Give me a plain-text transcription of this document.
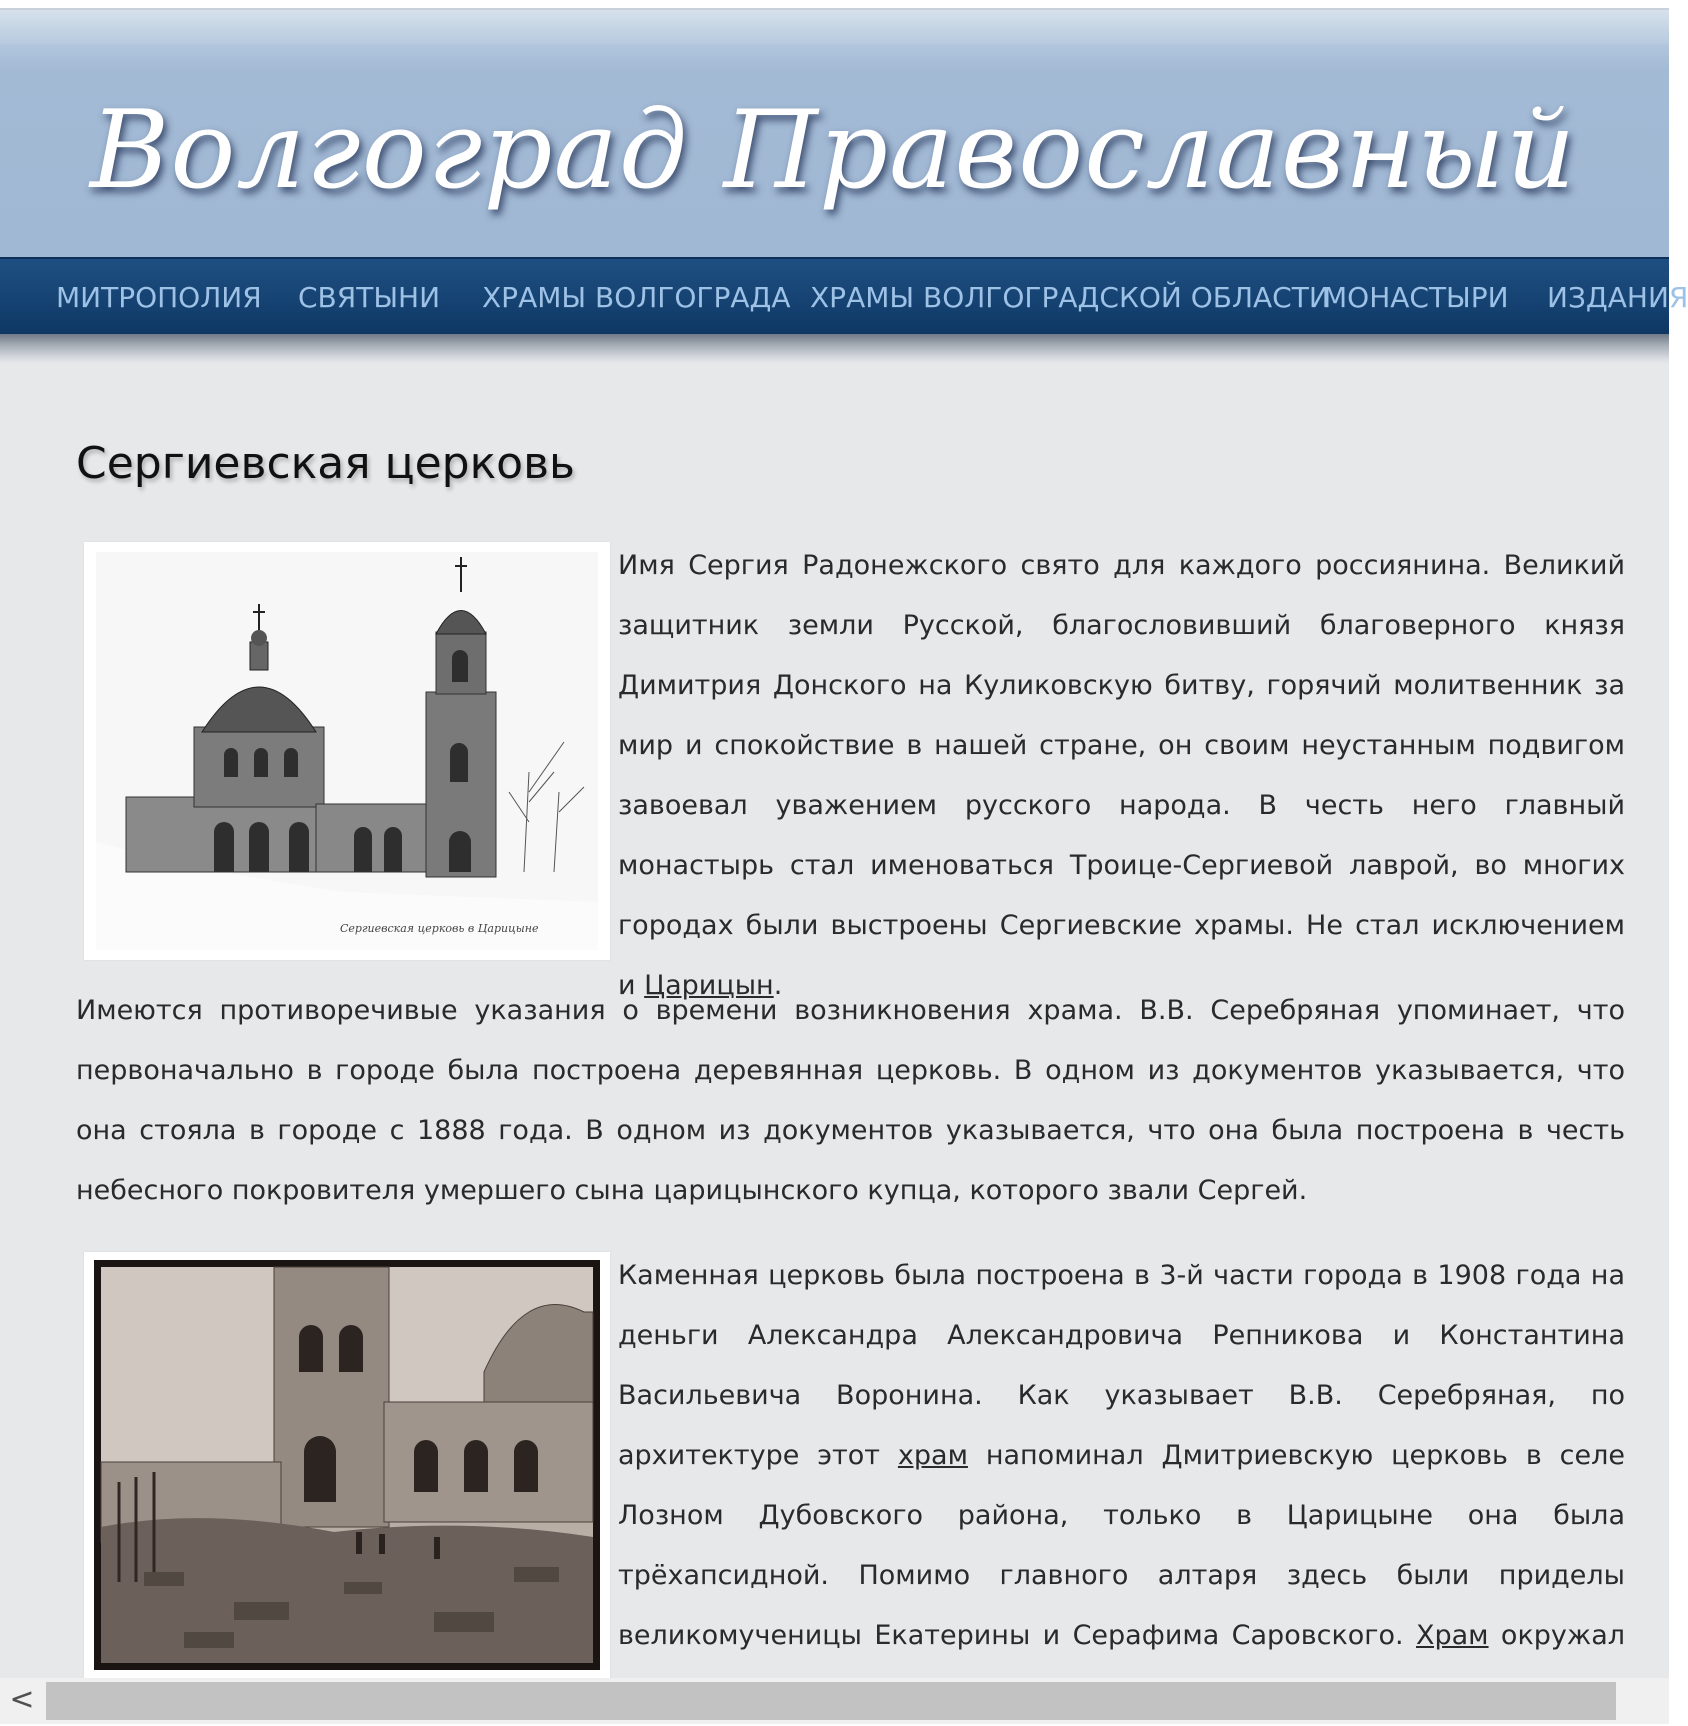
Волгоград Православный
МИТРОПОЛИЯ СВЯТЫНИ ХРАМЫ ВОЛГОГРАДА ХРАМЫ ВОЛГОГРАДСКОЙ ОБЛАСТИ
МОНАСТЫРИ ИЗДАНИЯ
Сергиевская церковь
Сергиевская церковь в Царицыне

Имя Сергия Радонежского свято для каждого россиянина. Великий защитник земли Русской, благословивший благоверного князя Димитрия Донского на Куликовскую битву, горячий молитвенник за мир и спокойствие в нашей стране, он своим неустанным подвигом завоевал уважением русского народа. В честь него главный монастырь стал именоваться Троице-Сергиевой лаврой, во многих городах были выстроены Сергиевские храмы. Не стал исключением и Царицын.

Имеются противоречивые указания о времени возникновения храма. В.В. Серебряная упоминает, что первоначально в городе была построена деревянная церковь. В одном из документов указывается, что она стояла в городе с 1888 года. В одном из документов указывается, что она была построена в честь небесного покровителя умершего сына царицынского купца, которого звали Сергей.

Каменная церковь была построена в 3-й части города в 1908 года на деньги Александра Александровича Репникова и Константина Васильевича Воронина. Как указывает В.В. Серебряная, по архитектуре этот храм напоминал Дмитриевскую церковь в селе Лозном Дубовского района, только в Царицыне она была трёхапсидной. Помимо главного алтаря здесь были приделы великомученицы Екатерины и Серафима Саровского. Храм окружал

<
